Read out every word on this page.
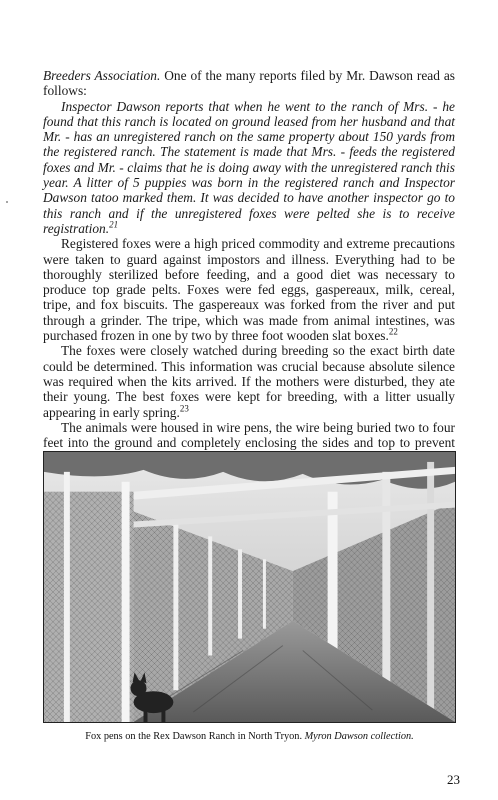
Breeders Association. One of the many reports filed by Mr. Dawson read as follows:

Inspector Dawson reports that when he went to the ranch of Mrs. - he found that this ranch is located on ground leased from her husband and that Mr. - has an unregistered ranch on the same property about 150 yards from the registered ranch. The statement is made that Mrs. - feeds the registered foxes and Mr. - claims that he is doing away with the unregistered ranch this year. A litter of 5 puppies was born in the registered ranch and Inspector Dawson tatoo marked them. It was decided to have another inspector go to this ranch and if the unregistered foxes were pelted she is to receive registration.$^{21}$

Registered foxes were a high priced commodity and extreme precautions were taken to guard against impostors and illness. Everything had to be thoroughly sterilized before feeding, and a good diet was necessary to produce top grade pelts. Foxes were fed eggs, gaspereaux, milk, cereal, tripe, and fox biscuits. The gaspereaux was forked from the river and put through a grinder. The tripe, which was made from animal intestines, was purchased frozen in one by two by three foot wooden slat boxes.$^{22}$

The foxes were closely watched during breeding so the exact birth date could be determined. This information was crucial because absolute silence was required when the kits arrived. If the mothers were disturbed, they ate their young. The best foxes were kept for breeding, with a litter usually appearing in early spring.$^{23}$

The animals were housed in wire pens, the wire being buried two to four feet into the ground and completely enclosing the sides and top to prevent

Fox pens on the Rex Dawson Ranch in North Tryon. Myron Dawson collection.
23
